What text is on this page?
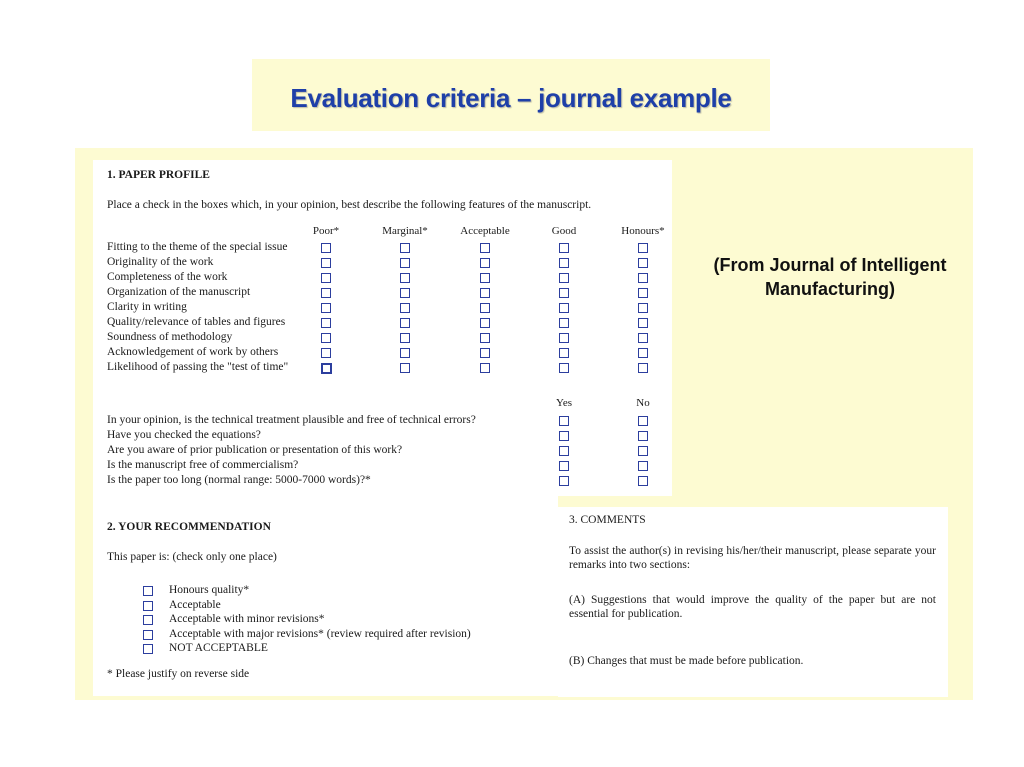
Evaluation criteria – journal example
(From Journal of Intelligent Manufacturing)
1. PAPER PROFILE
Place a check in the boxes which, in your opinion, best describe the following features of the manuscript.
Poor*	Marginal*	Acceptable	Good	Honours*
Fitting to the theme of the special issue
Originality of the work
Completeness of the work
Organization of the manuscript
Clarity in writing
Quality/relevance of tables and figures
Soundness of methodology
Acknowledgement of work by others
Likelihood of passing the "test of time"
Yes	No
In your opinion, is the technical treatment plausible and free of technical errors?
Have you checked the equations?
Are you aware of prior publication or presentation of this work?
Is the manuscript free of commercialism?
Is the paper too long (normal range: 5000-7000 words)?*
2. YOUR RECOMMENDATION
This paper is: (check only one place)
Honours quality*
Acceptable
Acceptable with minor revisions*
Acceptable with major revisions* (review required after revision)
NOT ACCEPTABLE
* Please justify on reverse side
3. COMMENTS
To assist the author(s) in revising his/her/their manuscript, please separate your remarks into two sections:
(A) Suggestions that would improve the quality of the paper but are not essential for publication.
(B) Changes that must be made before publication.
